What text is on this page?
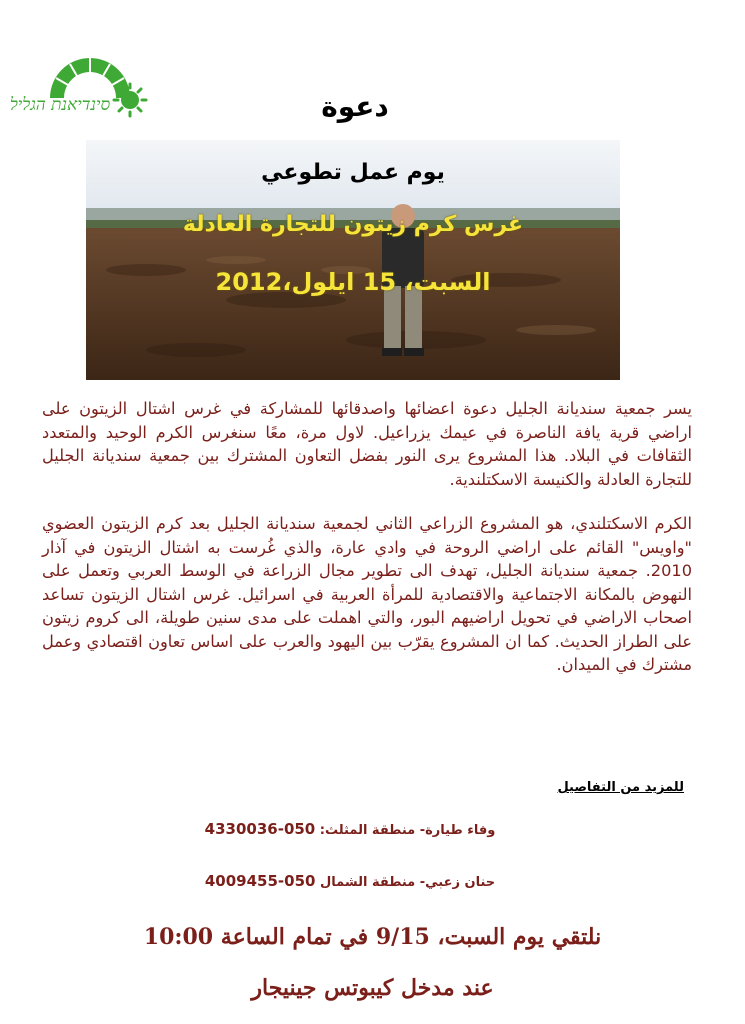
סינדיאנת הגליל	دعوة
يوم عمل تطوعي
غرس كرم زيتون للتجارة العادلة
السبت، 15 ايلول،2012
يسر جمعية سنديانة الجليل دعوة اعضائها واصدقائها للمشاركة في غرس اشتال الزيتون على اراضي قرية يافة الناصرة في عيمك يزراعيل. لاول مرة، معًا سنغرس الكرم الوحيد والمتعدد الثقافات في البلاد. هذا المشروع يرى النور بفضل التعاون المشترك بين جمعية سنديانة الجليل للتجارة العادلة والكنيسة الاسكتلندية.
الكرم الاسكتلندي، هو المشروع الزراعي الثاني لجمعية سنديانة الجليل بعد كرم الزيتون العضوي "واويس" القائم على اراضي الروحة في وادي عارة، والذي غُرست به اشتال الزيتون في آذار 2010. جمعية سنديانة الجليل، تهدف الى تطوير مجال الزراعة في الوسط العربي وتعمل على النهوض بالمكانة الاجتماعية والاقتصادية للمرأة العربية في اسرائيل. غرس اشتال الزيتون تساعد اصحاب الاراضي في تحويل اراضيهم البور، والتي اهملت على مدى سنين طويلة، الى كروم زيتون على الطراز الحديث. كما ان المشروع يقرّب بين اليهود والعرب على اساس تعاون اقتصادي وعمل مشترك في الميدان.
للمزيد من التفاصيل
وفاء طيارة- منطقة المثلث: 050-4330036
حنان زعبي- منطقة الشمال 050-4009455
نلتقي يوم السبت، 9/15 في تمام الساعة 10:00
عند مدخل كيبوتس جينيجار
